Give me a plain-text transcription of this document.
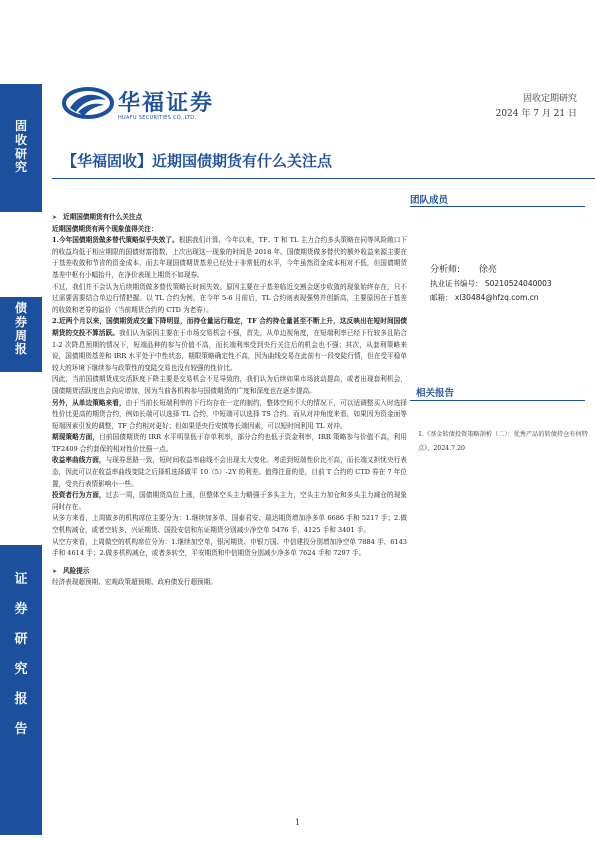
固收研究
债券周报
证券研究报告
华福证券
HUAFU SECURITIES CO.,LTD.
固收定期研究
2024 年 7 月 21 日
【华福固收】近期国债期货有什么关注点
团队成员
分析师: 徐亮
执业证书编号： S0210524040003
邮箱： xl30484@hfzq.com.cn
相关报告
1.《基金转债投资策略剖析（二）：优秀产品的转债持仓有何特点》，2024.7.20

➤ 近期国债期货有什么关注点

近期国债期货有两个现象值得关注：

1.今年国债期货做多替代策略似乎失效了。根据我们计算，今年以来，TF、T 和 TL 主力合约多头策略在同等风险敞口下的收益均低于相应期限的国债财富指数，上次出现这一现象的时间是 2018 年。国债期货做多替代的额外收益来源主要在于基差收敛和节省的资金成本，而去年现国债期货基差已经处于非常低的水平，今年虽然资金成本相对不低，但国债期货基差中枢有小幅抬升，在净价表现上期货不如现券。

不过，我们并不会认为后续期货做多替代策略长时间失效。原因主要在于基差临近交割会逐步收敛的现象始终存在，只不过需要需要结合单边行情把握。以 TL 合约为例，在今年 5-6 月前后，TL 合约则表现强势并创新高，主要原因在于基差的收敛和老券的溢价（当前期货合约的 CTD 为老券）。

2.近两个月以来，国债期货成交量下降明显，而持仓量运行稳定，TF 合约持仓量甚至不断上升，这反映出在短时间国债期货的交投不算活跃。我们认为原因主要在于市场交易机会不强，首先，从单边视角度，在短端利率已经下行较多且陷合 1-2 次降息预期的情况下，短端品种的参与价值不高，而长端利率受到央行关注后的机会也不强；其次，从套利策略来说，国债期货基差和 IRR 水平处于中性状态，期限策略确定性不高，因为曲线交易在此前有一段变陡行情，但在受平稳单较大的环境下继续参与政策性的变陡交易也没有较强的性价比。

因此，当前国债期货成交活跃度下降主要是交易机会不足导致的，我们认为后续如果市场波动提高，或者出现套利机会，国债期货活跃度也会向应增加，因为当前各机构参与国债期货的广度和深度也在逐步提高。

另外，从单边策略来看，由于当前长短端利率的下行均存在一定的制约，整体空间不大的情况下，可以适调整买入时选择性价比更高的期货合约，例如长端可以选择 TL 合约，中短端可以选择 TS 合约。而从对冲角度来看，如果因为资金面等短端因素引发的调整，TF 合约相对更好；但如果是央行安慎等长端因素，可以短时间利用 TL 对冲。

期现策略方面，目前国债期货的 IRR 水平明显低于存单利率，部分合约也低于资金利率，IRR 策略参与价值不高，利用 TF2409 合约套保的相对性价比强一点。

收益率曲线方面，与现券思路一致，短时间收益率曲线不会出现太大变化。考虑到短端性价比不高，而长端又担忧央行表态，因此可以在收益率曲线变陡之后择机选择做平 10（5）-2Y 的利差。值得注意的是，目前 T 合约的 CTD 券在 7 年位置，受央行表情影响小一些。

投资者行为方面，过去一周，国债期货高位上涨，但整体空头主力略强于多头主力，空头主力加仓和多头主力减仓的现象同时存在。

从多方来看，上周做多的机构席位主要分为：1.继续加多单，国泰君安、瑞达期货增加净多单 6686 手和 5217 手；2.做空机构减仓，或者空转多，兴证期货、国投安信和东证期货分别减少净空单 5476 手、4125 手和 3401 手。

从空方来看，上周做空的机构席位分为：1.继续加空单，银河期货、申银万国、中信建投分别增加净空单 7884 手、6143 手和 4614 手；2.做多机构减仓，或者多转空，平安期货和中信期货分别减少净多单 7624 手和 7297 手。

➤ 风险提示

经济表现超预期、宏观政策超预期、政府债发行超预期。

1
